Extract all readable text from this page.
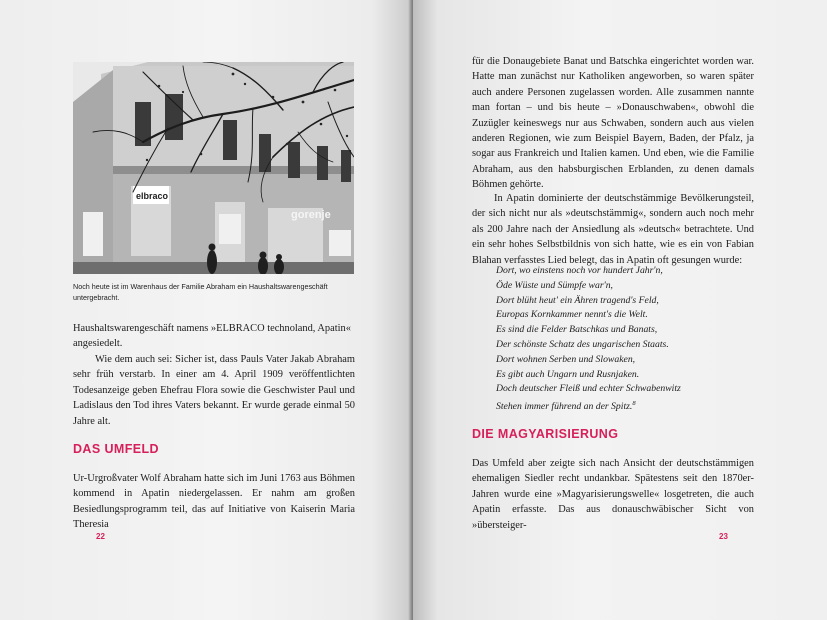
elbraco
gorenje
Noch heute ist im Warenhaus der Familie Abraham ein Haushaltswarengeschäft untergebracht.
Haushaltswarengeschäft namens »ELBRACO technoland, Apatin« angesiedelt.
Wie dem auch sei: Sicher ist, dass Pauls Vater Jakab Abraham sehr früh verstarb. In einer am 4. April 1909 veröffentlichten Todesanzeige geben Ehefrau Flora sowie die Geschwister Paul und Ladislaus den Tod ihres Vaters bekannt. Er wurde gerade einmal 50 Jahre alt.
DAS UMFELD
Ur-Urgroßvater Wolf Abraham hatte sich im Juni 1763 aus Böhmen kommend in Apatin niedergelassen. Er nahm am großen Besiedlungsprogramm teil, das auf Initiative von Kaiserin Maria Theresia
22
für die Donaugebiete Banat und Batschka eingerichtet worden war. Hatte man zunächst nur Katholiken angeworben, so waren später auch andere Personen zugelassen worden. Alle zusammen nannte man fortan – und bis heute – »Donauschwaben«, obwohl die Zuzügler keineswegs nur aus Schwaben, sondern auch aus vielen anderen Regionen, wie zum Beispiel Bayern, Baden, der Pfalz, ja sogar aus Frankreich und Italien kamen. Und eben, wie die Familie Abraham, aus den habsburgischen Erblanden, zu denen damals Böhmen gehörte.
In Apatin dominierte der deutschstämmige Bevölkerungsteil, der sich nicht nur als »deutschstämmig«, sondern auch noch mehr als 200 Jahre nach der Ansiedlung als »deutsch« betrachtete. Und ein sehr hohes Selbstbildnis von sich hatte, wie es ein von Fabian Blahan verfasstes Lied belegt, das in Apatin oft gesungen wurde:
Dort, wo einstens noch vor hundert Jahr'n,
Öde Wüste und Sümpfe war'n,
Dort blüht heut' ein Ähren tragend's Feld,
Europas Kornkammer nennt's die Welt.
Es sind die Felder Batschkas und Banats,
Der schönste Schatz des ungarischen Staats.
Dort wohnen Serben und Slowaken,
Es gibt auch Ungarn und Rusnjaken.
Doch deutscher Fleiß und echter Schwabenwitz
Stehen immer führend an der Spitz.$^8$
DIE MAGYARISIERUNG
Das Umfeld aber zeigte sich nach Ansicht der deutschstämmigen ehemaligen Siedler recht undankbar. Spätestens seit den 1870er-Jahren wurde eine »Magyarisierungswelle« losgetreten, die auch Apatin erfasste. Das aus donauschwäbischer Sicht von »übersteiger-
23
